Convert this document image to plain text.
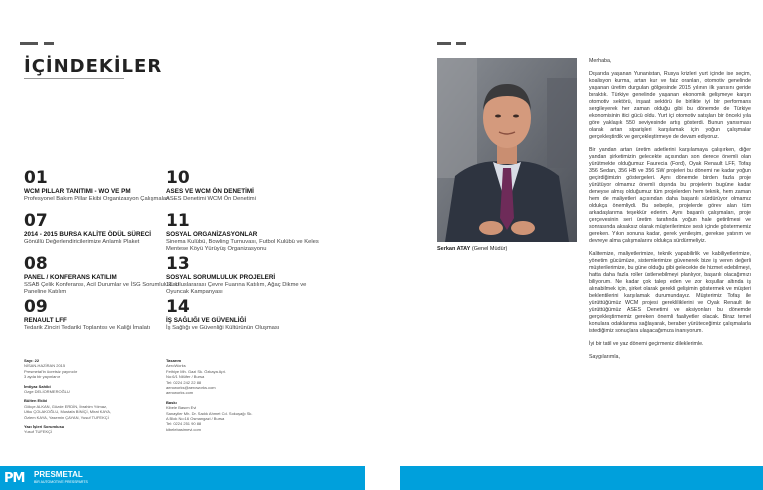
İÇİNDEKİLER
01
WCM PILLAR TANITIMI - WO VE PM
Profesyonel Bakım Pillar Ekibi Organizasyon Çalışmaları
07
2014 - 2015 BURSA KALİTE ÖDÜL SÜRECİ
Gönüllü Değerlendiricilerimize Anlamlı Plaket
08
PANEL / KONFERANS KATILIM
SSAB Çelik Konferansı, Acil Durumlar ve İSG Sorumlulukları Paneline Katılım
09
RENAULT LFF
Tedarik Zinciri Tedariki Toplantısı ve Kaliği İmalatı
10
ASES VE WCM ÖN DENETİMİ
ASES Denetimi WCM Ön Denetimi
11
SOSYAL ORGANİZASYONLAR
Sinema Kulübü, Bowling Turnuvası, Futbol Kulübü ve Keles Mentese Köyü Yürüyüş Organizasyonu
13
SOSYAL SORUMLULUK PROJELERİ
11. Uluslararası Çevre Fuarına Katılım, Ağaç Dikme ve Oyuncak Kampanyası
14
İŞ SAĞLIĞI VE GÜVENLİĞİ
İş Sağlığı ve Güvenliği Kültürünün Oluşması
Sayı: 22
NİSAN-HAZİRAN 2015
Presmetal'in ücretsiz yayınıdır
3 ayda bir yayınlanır
İmtiyaz Sahibi
Ozge DELİORMEROĞLU
Bülten Ekibi
Gökçe ALKAN, Gözde ERDİN, İbrahim Yılmaz,
Utku ÇOLAKOĞLU, Mustafa BİNİÇİ, Mirat KAYA,
Özlem KAYA, Yasemin ÇAYAN, Yusuf TUFEKÇİ
Yazı İşleri Sorumlusu
Yusuf TUFEKÇİ
Tasarım
AeroWorks
Fethiye Mh. Gazi Sk. Özkaya Apt.
No:6/1 Nilüfer / Bursa
Tel: 0224 242 22 88
aeroworks@aeroworks.com
aeroworks.com
Baskı
Kibele Basım Evi
Sanayiler Mh. Dr. Sadık Ahmet Cd. Sokuşağı Sk.
A Blok No:16 Osmangazi / Bursa
Tel: 0224 251 90 88
kibelebasimevi.com
PM PRESMETAL
BİR AUTOMOTIVE PRESSPARTS
Serkan ATAY (Genel Müdür)

Merhaba,

Dışarıda yaşanan Yunanistan, Rusya krizleri yurt içinde ise seçim, koalisyon kurma, artan kur ve faiz oranları, otomotiv genelinde yaşanan üretim durgulan gölgesinde 2015 yılının ilk yarısını geride bıraktık. Türkiye genelinde yaşanan ekonomik gelişmeye karşın otomotiv sektörü, inşaat sektörü ile birlikte iyi bir performans sergileyerek her zaman olduğu gibi bu dönemde de Türkiye ekonomisinin itici gücü oldu. Yurt içi otomotiv satışları bir önceki yıla göre yaklaşık 550 seviyesinde artış gösterdi. Bunun yansıması olarak artan siparişleri karşılamak için yoğun çalışmalar gerçekleştirdik ve gerçekleştirmeye de devam ediyoruz.

Bir yandan artan üretim adetlerini karşılamaya çalışırken, diğer yandan şirketimizin gelecekte açısından son derece önemli olan yürütmekte olduğumuz Faurecia (Ford), Oyak Renault LFF, Tofaş 356 Sedan, 356 HB ve 356 SW projeleri bu dönemi ne kadar yoğun geçirdiğimizin göstergeleri. Aynı dönemde birden fazla proje yürütüyor olmamız önemli dışında bu projelerin bugüne kadar deneyse almış olduğumuz tüm projelerden hem teknik, hem zaman hem de maliyetleri açısından daha başarılı sürdürüyor olmamız oldukça önemliydi. Bu sebeple, projelerde görev alan tüm arkadaşlarıma teşekkür ederim. Aynı başarılı çalışmaları, proje çerçevesinin seri üretim tarafında yoğun hale getirilmesi ve sonrasında aksaksız olarak müşterilerimize seslı içinde göstermemiz gereken. Yıkın sonuna kadar, gerek yenileşim, gerekse yatırım ve devreye alma çalışmalarını oldukça sürdürmeliyiz.

Kalitemize, maliyetlerimize, teknik yapabilirlik ve kabiliyetlerimize, yönetim gücümüze, sistemlerimize güvenerek bize iş veren değerli müşterilerimize, bu güne olduğu gibi gelecekte de hizmet edebilmeyi, hatta daha fazla roller üstlenebilmeyi planlıyor, başarılı olacağımızı biliyorum. Ne kadar çok talep eden ve zor koşullar altında iş alınabilmek için, şirket olarak gerekli gelişimin göstermek ve müşteri beklentilerini karşılamak durumundayız. Müşterimiz Tofaş ile yürüttüğümüz WCM projesi gerekliliklerini ve Oyak Renault ile yürüttüğümüz ASES Denetimi ve aksiyonları bu dönemde gerçekleştirmemiz gereken önemli faaliyetler olacak. Biraz temel konulara odaklanma sağlayarak, beraber yürüteceğimiz çalışmalarla istediğimiz sonuçlara ulaşacağımıza inanıyorum.

İyi bir tatil ve yaz dönemi geçirmeniz dileklerimle.

Saygılarımla,
